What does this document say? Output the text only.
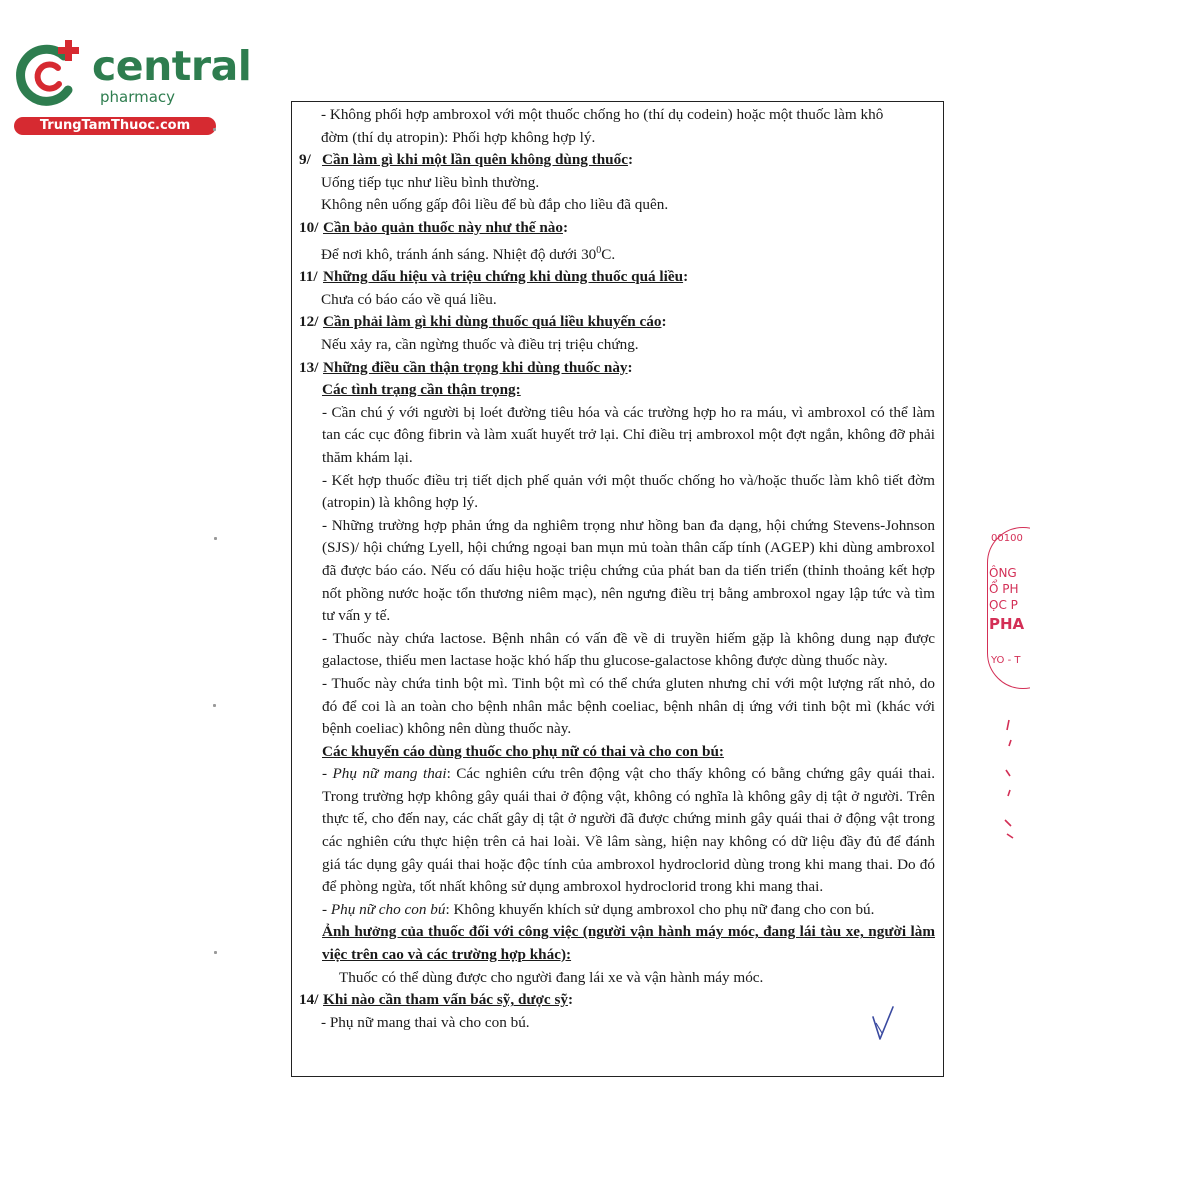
central
pharmacy
TrungTamThuoc.com
- Không phối hợp ambroxol với một thuốc chống ho (thí dụ codein) hoặc một thuốc làm khô
đờm (thí dụ atropin): Phối hợp không hợp lý.
9/ Cần làm gì khi một lần quên không dùng thuốc:
Uống tiếp tục như liều bình thường.
Không nên uống gấp đôi liều để bù đắp cho liều đã quên.
10/ Cần bảo quản thuốc này như thế nào:
Để nơi khô, tránh ánh sáng. Nhiệt độ dưới $30^0C$.
11/ Những dấu hiệu và triệu chứng khi dùng thuốc quá liều:
Chưa có báo cáo về quá liều.
12/ Cần phải làm gì khi dùng thuốc quá liều khuyến cáo:
Nếu xảy ra, cần ngừng thuốc và điều trị triệu chứng.
13/ Những điều cần thận trọng khi dùng thuốc này:
Các tình trạng cần thận trọng:
- Cần chú ý với người bị loét đường tiêu hóa và các trường hợp ho ra máu, vì ambroxol có thể làm tan các cục đông fibrin và làm xuất huyết trở lại. Chỉ điều trị ambroxol một đợt ngắn, không đỡ phải thăm khám lại.
- Kết hợp thuốc điều trị tiết dịch phế quản với một thuốc chống ho và/hoặc thuốc làm khô tiết đờm (atropin) là không hợp lý.
- Những trường hợp phản ứng da nghiêm trọng như hồng ban đa dạng, hội chứng Stevens-Johnson (SJS)/ hội chứng Lyell, hội chứng ngoại ban mụn mủ toàn thân cấp tính (AGEP) khi dùng ambroxol đã được báo cáo. Nếu có dấu hiệu hoặc triệu chứng của phát ban da tiến triển (thỉnh thoảng kết hợp nốt phồng nước hoặc tổn thương niêm mạc), nên ngưng điều trị bằng ambroxol ngay lập tức và tìm tư vấn y tế.
- Thuốc này chứa lactose. Bệnh nhân có vấn đề về di truyền hiếm gặp là không dung nạp được galactose, thiếu men lactase hoặc khó hấp thu glucose-galactose không được dùng thuốc này.
- Thuốc này chứa tinh bột mì. Tinh bột mì có thể chứa gluten nhưng chỉ với một lượng rất nhỏ, do đó để coi là an toàn cho bệnh nhân mắc bệnh coeliac, bệnh nhân dị ứng với tinh bột mì (khác với bệnh coeliac) không nên dùng thuốc này.
Các khuyến cáo dùng thuốc cho phụ nữ có thai và cho con bú:
- Phụ nữ mang thai: Các nghiên cứu trên động vật cho thấy không có bằng chứng gây quái thai. Trong trường hợp không gây quái thai ở động vật, không có nghĩa là không gây dị tật ở người. Trên thực tế, cho đến nay, các chất gây dị tật ở người đã được chứng minh gây quái thai ở động vật trong các nghiên cứu thực hiện trên cả hai loài. Về lâm sàng, hiện nay không có dữ liệu đầy đủ để đánh giá tác dụng gây quái thai hoặc độc tính của ambroxol hydroclorid dùng trong khi mang thai. Do đó để phòng ngừa, tốt nhất không sử dụng ambroxol hydroclorid trong khi mang thai.
- Phụ nữ cho con bú: Không khuyến khích sử dụng ambroxol cho phụ nữ đang cho con bú.
Ảnh hưởng của thuốc đối với công việc (người vận hành máy móc, đang lái tàu xe, người làm việc trên cao và các trường hợp khác):
Thuốc có thể dùng được cho người đang lái xe và vận hành máy móc.
14/ Khi nào cần tham vấn bác sỹ, dược sỹ:
- Phụ nữ mang thai và cho con bú.
00100
ÔNG
Ổ PH
ỌC P
PHA
YO - T
